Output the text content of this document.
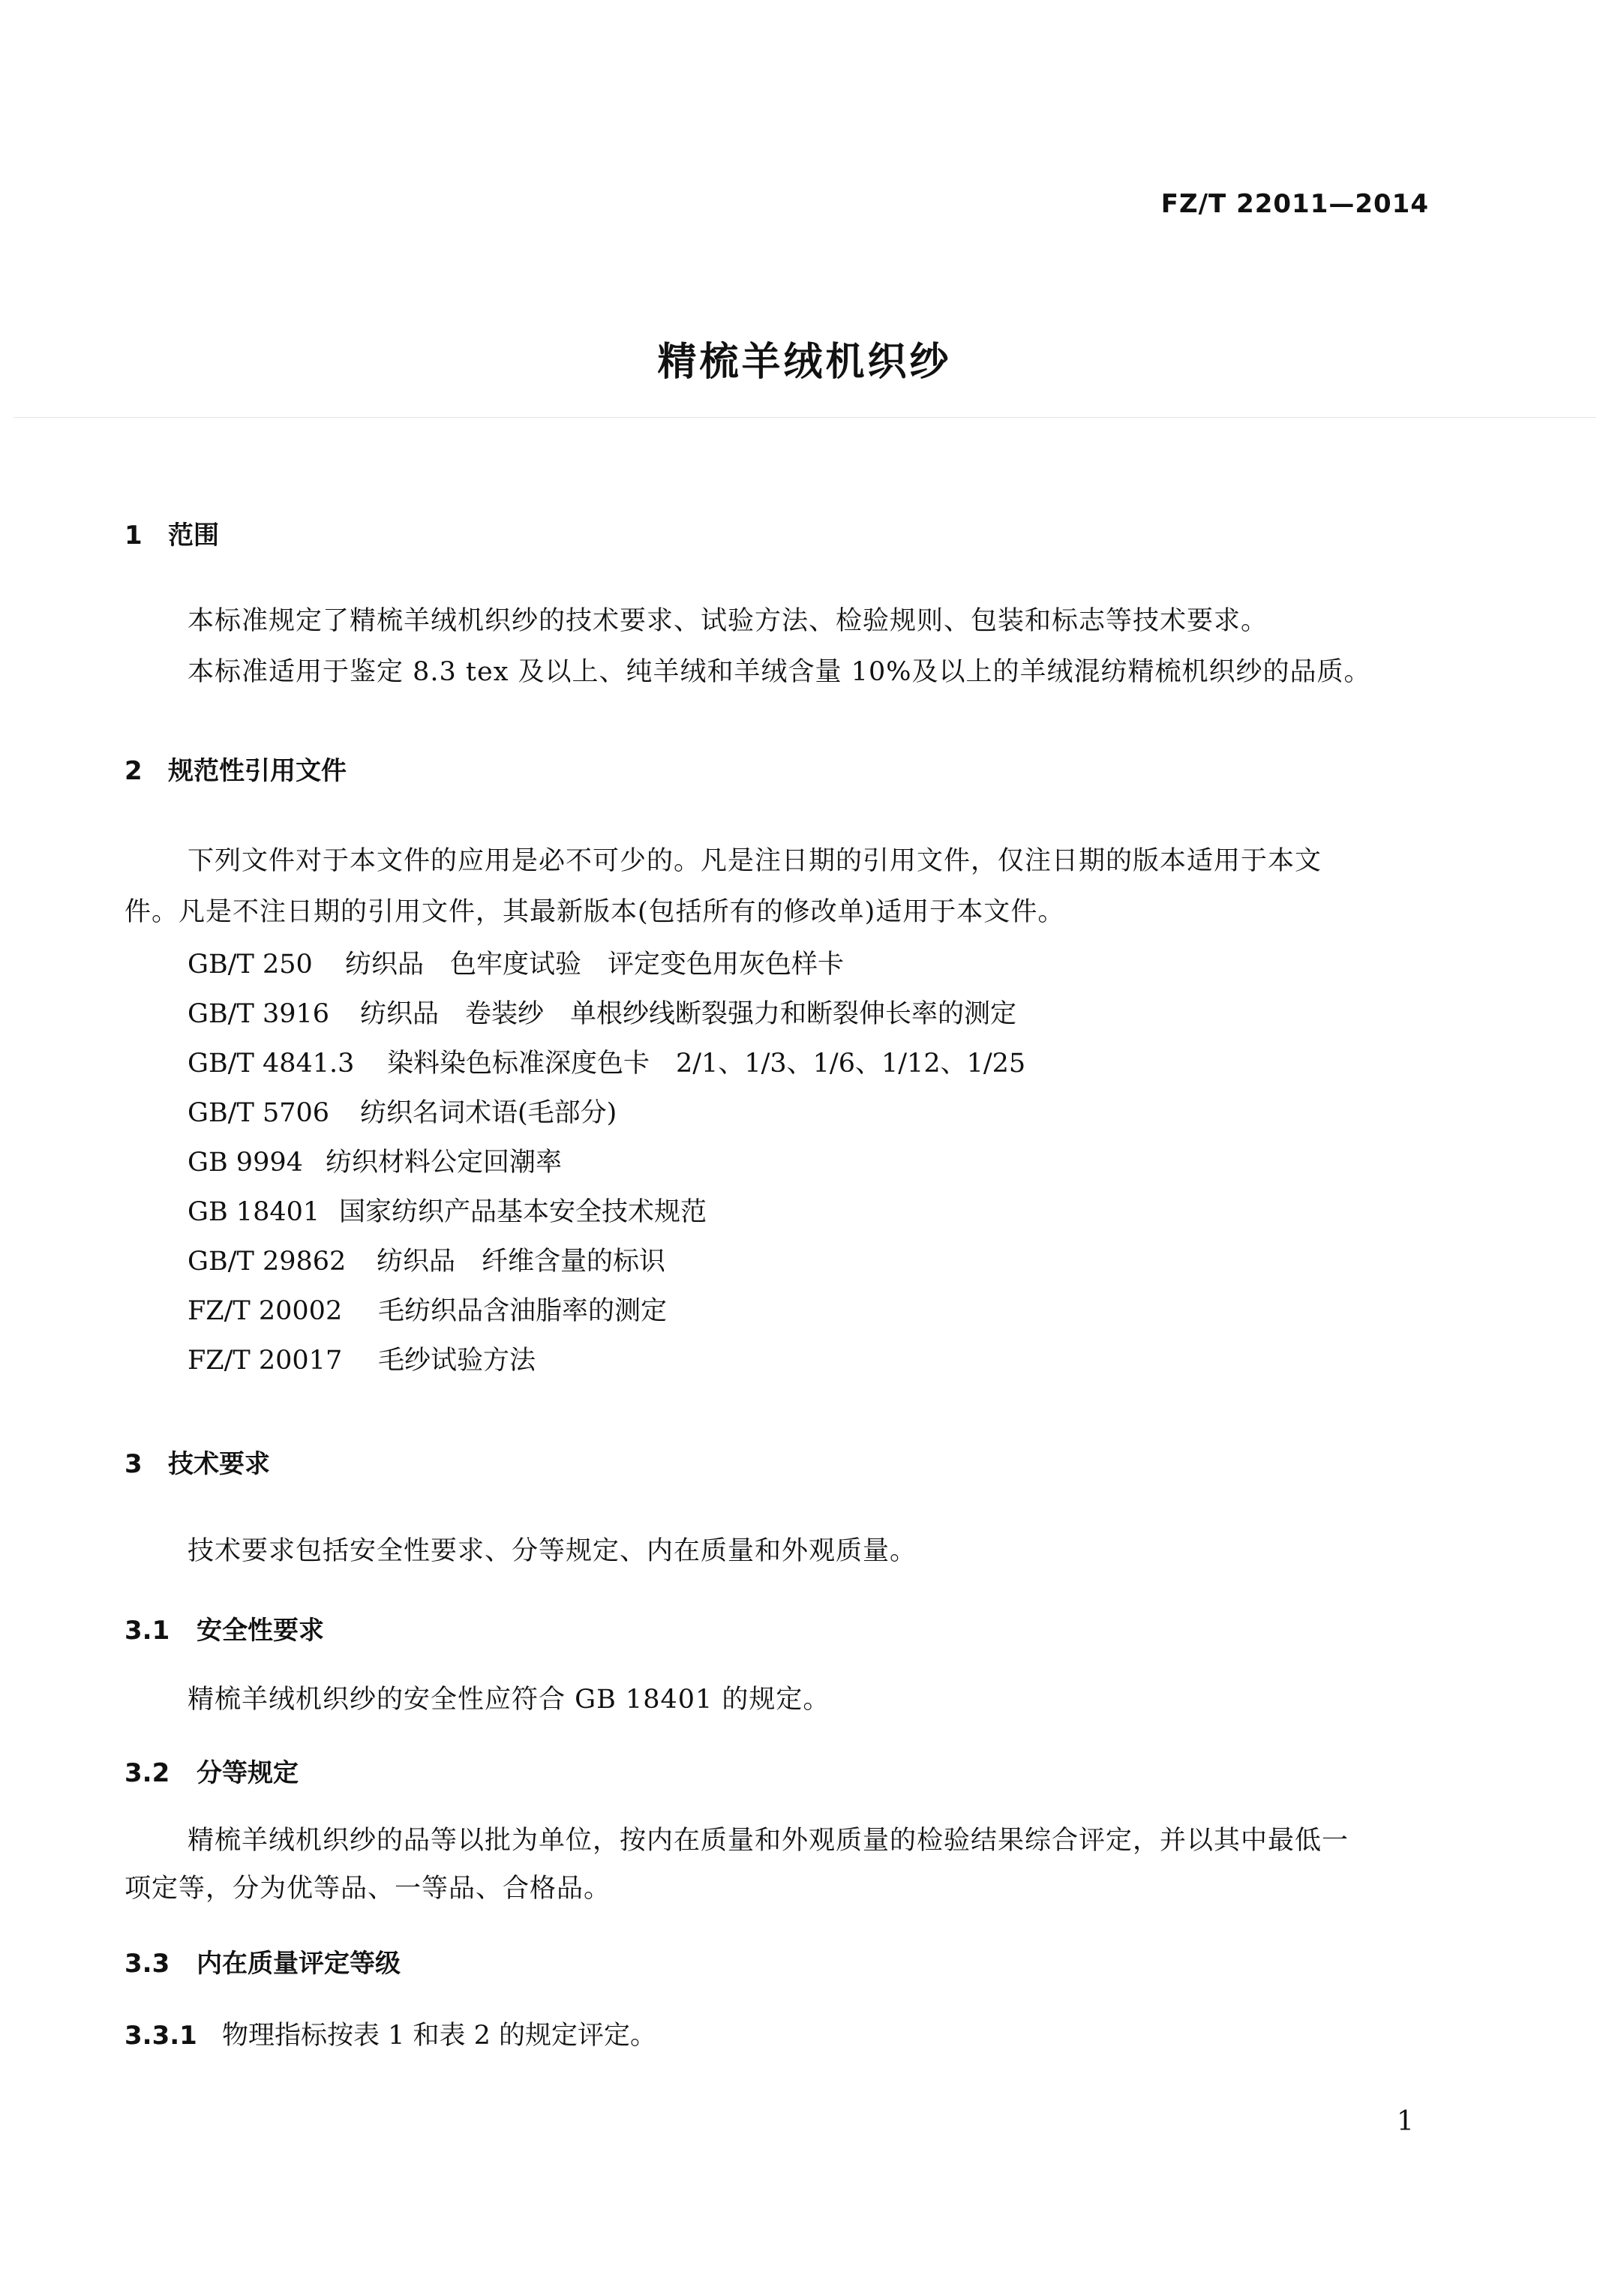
FZ/T 22011—2014
精梳羊绒机织纱
1 范围
本标准规定了精梳羊绒机织纱的技术要求、试验方法、检验规则、包装和标志等技术要求。
本标准适用于鉴定 8.3 tex 及以上、纯羊绒和羊绒含量 10%及以上的羊绒混纺精梳机织纱的品质。
2 规范性引用文件
下列文件对于本文件的应用是必不可少的。凡是注日期的引用文件，仅注日期的版本适用于本文
件。凡是不注日期的引用文件，其最新版本(包括所有的修改单)适用于本文件。
GB/T 250 纺织品　色牢度试验　评定变色用灰色样卡
GB/T 3916 纺织品　卷装纱　单根纱线断裂强力和断裂伸长率的测定
GB/T 4841.3 染料染色标准深度色卡　2/1、1/3、1/6、1/12、1/25
GB/T 5706 纺织名词术语(毛部分)
GB 9994 纺织材料公定回潮率
GB 18401 国家纺织产品基本安全技术规范
GB/T 29862 纺织品　纤维含量的标识
FZ/T 20002 毛纺织品含油脂率的测定
FZ/T 20017 毛纱试验方法
3 技术要求
技术要求包括安全性要求、分等规定、内在质量和外观质量。
3.1 安全性要求
精梳羊绒机织纱的安全性应符合 GB 18401 的规定。
3.2 分等规定
精梳羊绒机织纱的品等以批为单位，按内在质量和外观质量的检验结果综合评定，并以其中最低一
项定等，分为优等品、一等品、合格品。
3.3 内在质量评定等级
3.3.1 物理指标按表 1 和表 2 的规定评定。
1
